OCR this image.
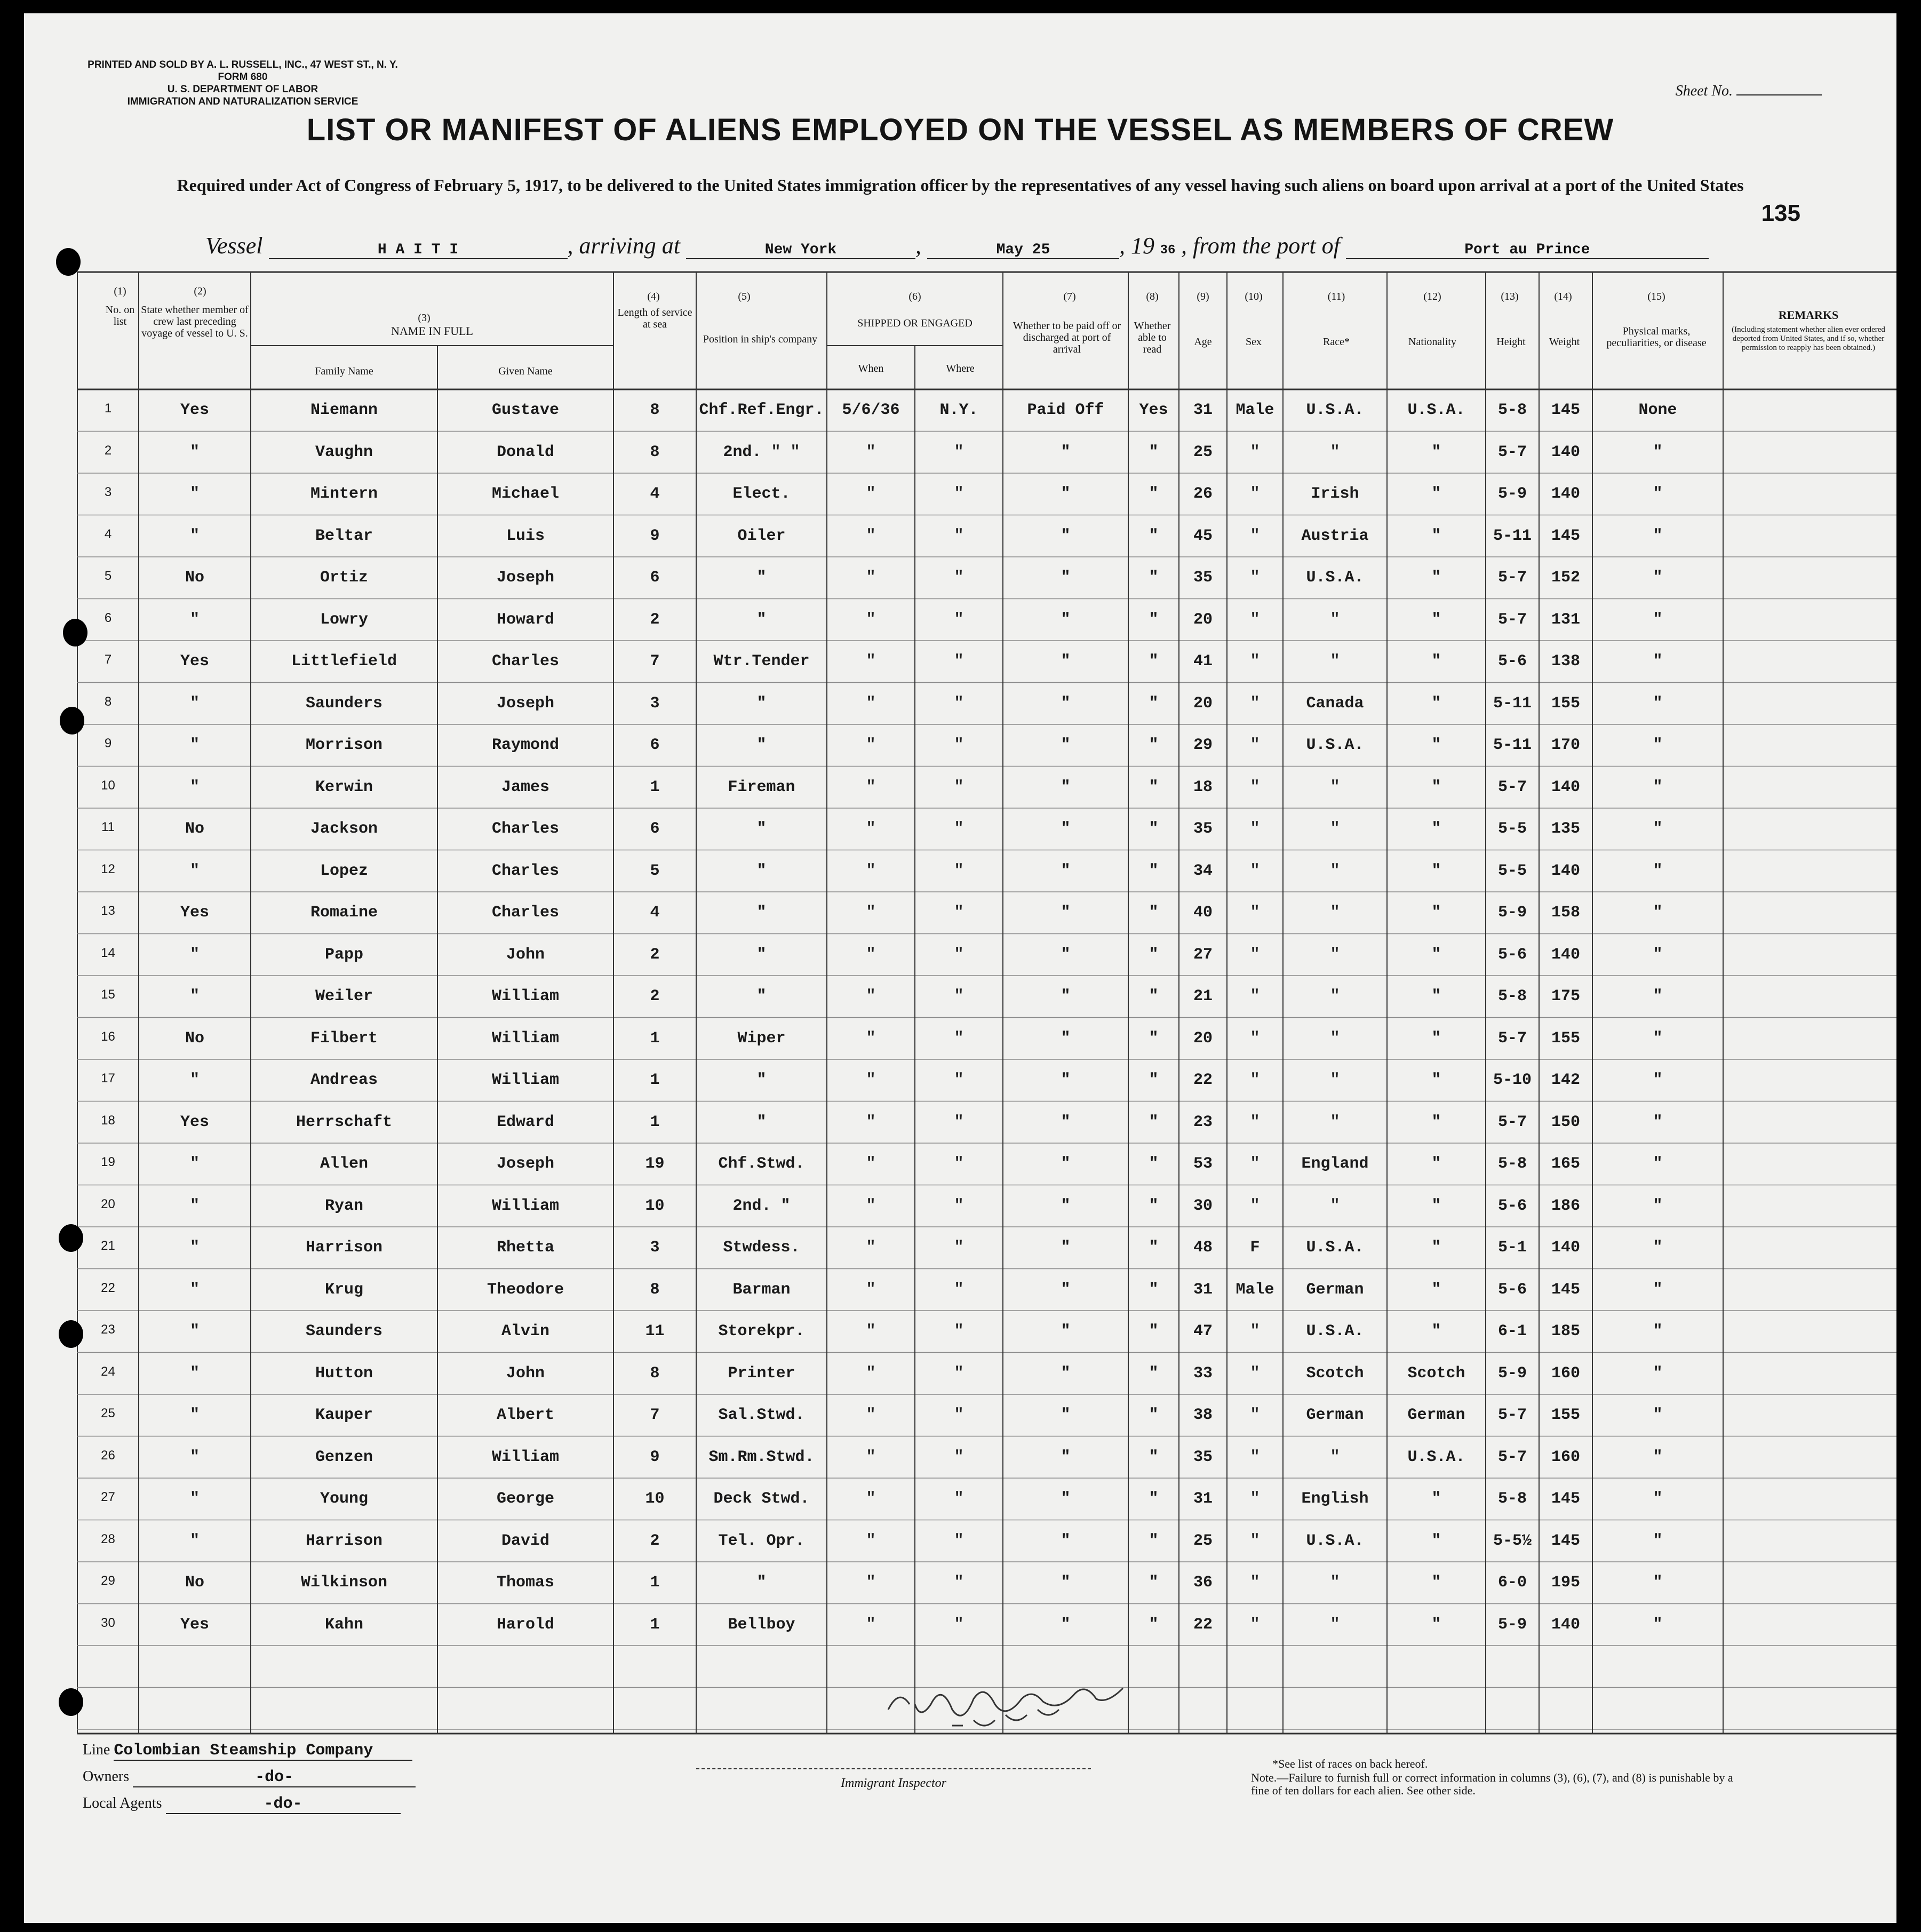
PRINTED AND SOLD BY A. L. RUSSELL, INC., 47 WEST ST., N. Y.
FORM 680
U. S. DEPARTMENT OF LABOR
IMMIGRATION AND NATURALIZATION SERVICE
Sheet No.
LIST OR MANIFEST OF ALIENS EMPLOYED ON THE VESSEL AS MEMBERS OF CREW
Required under Act of Congress of February 5, 1917, to be delivered to the United States immigration officer by the representatives of any vessel having such aliens on board upon arrival at a port of the United States
135
Vessel	H A I T I	, arriving at	New York	,	May 25	, 19 36 , from the port of	Port au Prince
(1)
No. on list
(2)
State whether member of crew last preceding voyage of vessel to U. S.
(3)
NAME IN FULL
Family Name	Given Name
(4)
Length of service at sea
(5)
Position in ship's company
(6)
SHIPPED OR ENGAGED
When	Where
(7)
Whether to be paid off or discharged at port of arrival
(8)
Whether able to read
(9)
Age
(10)
Sex
(11)
Race*
(12)
Nationality
(13)
Height
(14)
Weight
(15)
Physical marks, peculiarities, or disease
REMARKS
(Including statement whether alien ever ordered deported from United States, and if so, whether permission to reapply has been obtained.)
1	Yes	Niemann	Gustave	8	Chf.Ref.Engr.	5/6/36	N.Y.	Paid Off	Yes	31	Male	U.S.A.	U.S.A.	5-8	145	None
2	"	Vaughn	Donald	8	2nd. " "	"	"	"	"	25	"	"	"	5-7	140	"
3	"	Mintern	Michael	4	Elect.	"	"	"	"	26	"	Irish	"	5-9	140	"
4	"	Beltar	Luis	9	Oiler	"	"	"	"	45	"	Austria	"	5-11	145	"
5	No	Ortiz	Joseph	6	"	"	"	"	"	35	"	U.S.A.	"	5-7	152	"
6	"	Lowry	Howard	2	"	"	"	"	"	20	"	"	"	5-7	131	"
7	Yes	Littlefield	Charles	7	Wtr.Tender	"	"	"	"	41	"	"	"	5-6	138	"
8	"	Saunders	Joseph	3	"	"	"	"	"	20	"	Canada	"	5-11	155	"
9	"	Morrison	Raymond	6	"	"	"	"	"	29	"	U.S.A.	"	5-11	170	"
10	"	Kerwin	James	1	Fireman	"	"	"	"	18	"	"	"	5-7	140	"
11	No	Jackson	Charles	6	"	"	"	"	"	35	"	"	"	5-5	135	"
12	"	Lopez	Charles	5	"	"	"	"	"	34	"	"	"	5-5	140	"
13	Yes	Romaine	Charles	4	"	"	"	"	"	40	"	"	"	5-9	158	"
14	"	Papp	John	2	"	"	"	"	"	27	"	"	"	5-6	140	"
15	"	Weiler	William	2	"	"	"	"	"	21	"	"	"	5-8	175	"
16	No	Filbert	William	1	Wiper	"	"	"	"	20	"	"	"	5-7	155	"
17	"	Andreas	William	1	"	"	"	"	"	22	"	"	"	5-10	142	"
18	Yes	Herrschaft	Edward	1	"	"	"	"	"	23	"	"	"	5-7	150	"
19	"	Allen	Joseph	19	Chf.Stwd.	"	"	"	"	53	"	England	"	5-8	165	"
20	"	Ryan	William	10	2nd. "	"	"	"	"	30	"	"	"	5-6	186	"
21	"	Harrison	Rhetta	3	Stwdess.	"	"	"	"	48	F	U.S.A.	"	5-1	140	"
22	"	Krug	Theodore	8	Barman	"	"	"	"	31	Male	German	"	5-6	145	"
23	"	Saunders	Alvin	11	Storekpr.	"	"	"	"	47	"	U.S.A.	"	6-1	185	"
24	"	Hutton	John	8	Printer	"	"	"	"	33	"	Scotch	Scotch	5-9	160	"
25	"	Kauper	Albert	7	Sal.Stwd.	"	"	"	"	38	"	German	German	5-7	155	"
26	"	Genzen	William	9	Sm.Rm.Stwd.	"	"	"	"	35	"	"	U.S.A.	5-7	160	"
27	"	Young	George	10	Deck Stwd.	"	"	"	"	31	"	English	"	5-8	145	"
28	"	Harrison	David	2	Tel. Opr.	"	"	"	"	25	"	U.S.A.	"	5-5½	145	"
29	No	Wilkinson	Thomas	1	"	"	"	"	"	36	"	"	"	6-0	195	"
30	Yes	Kahn	Harold	1	Bellboy	"	"	"	"	22	"	"	"	5-9	140	"
Line Colombian Steamship Company
Owners	-do-
Local Agents	-do-
Immigrant Inspector
*See list of races on back hereof.
Note.—Failure to furnish full or correct information in columns (3), (6), (7), and (8) is punishable by a fine of ten dollars for each alien. See other side.
